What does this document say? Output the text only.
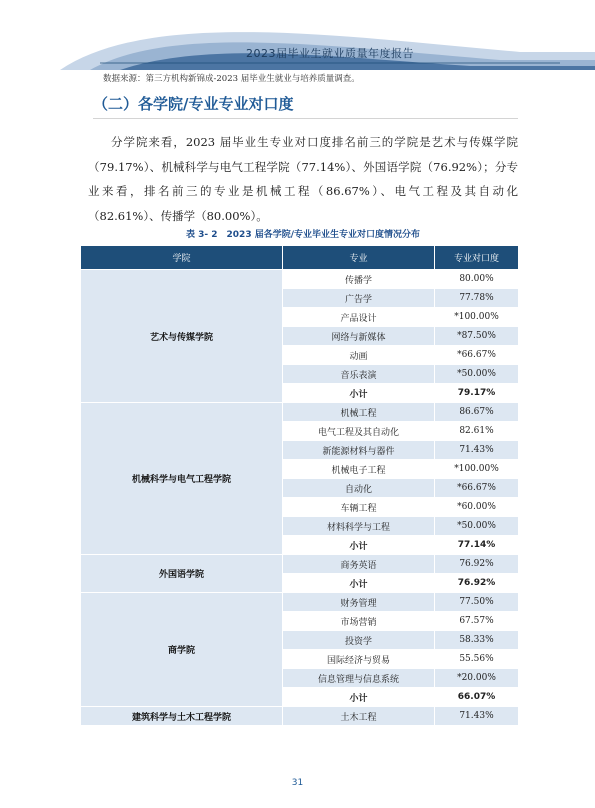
2023届毕业生就业质量年度报告
数据来源：第三方机构新锦成-2023 届毕业生就业与培养质量调查。
（二）各学院/专业专业对口度

分学院来看，2023 届毕业生专业对口度排名前三的学院是艺术与传媒学院（79.17%）、机械科学与电气工程学院（77.14%）、外国语学院（76.92%）；分专业来看，排名前三的专业是机械工程（86.67%）、电气工程及其自动化（82.61%）、传播学（80.00%）。

表 3- 2　2023 届各学院/专业毕业生专业对口度情况分布
学院	专业	专业对口度
艺术与传媒学院	传播学	80.00%
	广告学	77.78%
	产品设计	*100.00%
	网络与新媒体	*87.50%
	动画	*66.67%
	音乐表演	*50.00%
	小计	79.17%
机械科学与电气工程学院	机械工程	86.67%
	电气工程及其自动化	82.61%
	新能源材料与器件	71.43%
	机械电子工程	*100.00%
	自动化	*66.67%
	车辆工程	*60.00%
	材料科学与工程	*50.00%
	小计	77.14%
外国语学院	商务英语	76.92%
	小计	76.92%
商学院	财务管理	77.50%
	市场营销	67.57%
	投资学	58.33%
	国际经济与贸易	55.56%
	信息管理与信息系统	*20.00%
	小计	66.07%
建筑科学与土木工程学院	土木工程	71.43%
31
